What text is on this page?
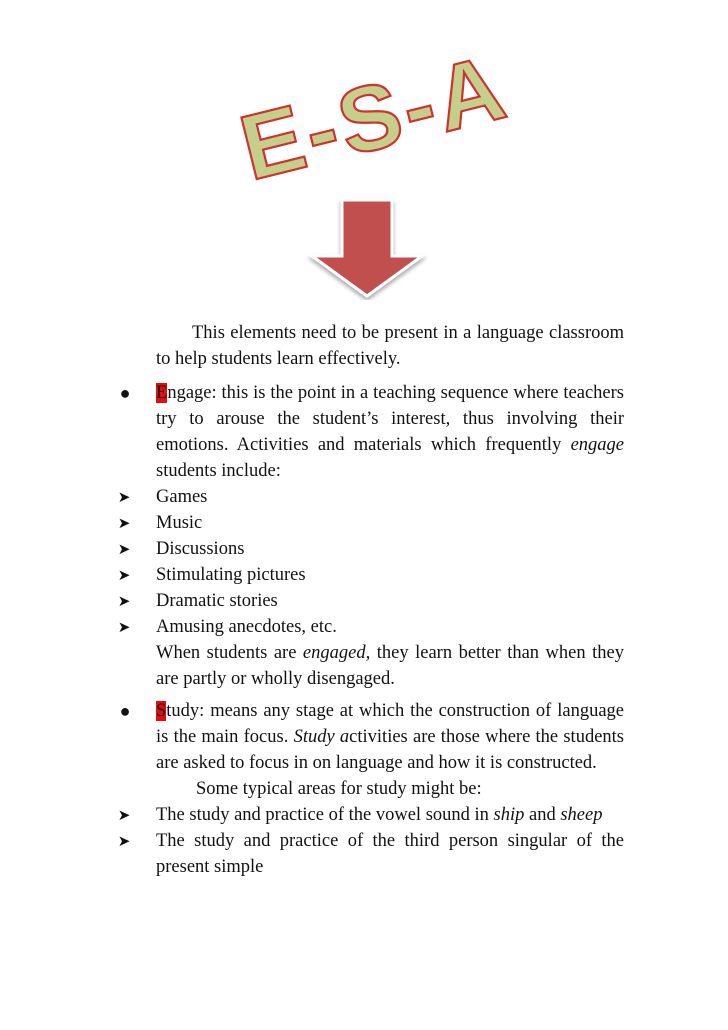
E-S-A

This elements need to be present in a language classroom to help students learn effectively.

● Engage: this is the point in a teaching sequence where teachers try to arouse the student’s interest, thus involving their emotions. Activities and materials which frequently engage students include:

➤ Games

➤ Music

➤ Discussions

➤ Stimulating pictures

➤ Dramatic stories

➤ Amusing anecdotes, etc.

When students are engaged, they learn better than when they are partly or wholly disengaged.

● Study: means any stage at which the construction of language is the main focus. Study activities are those where the students are asked to focus in on language and how it is constructed.

Some typical areas for study might be:

➤ The study and practice of the vowel sound in ship and sheep

➤ The study and practice of the third person singular of the present simple
